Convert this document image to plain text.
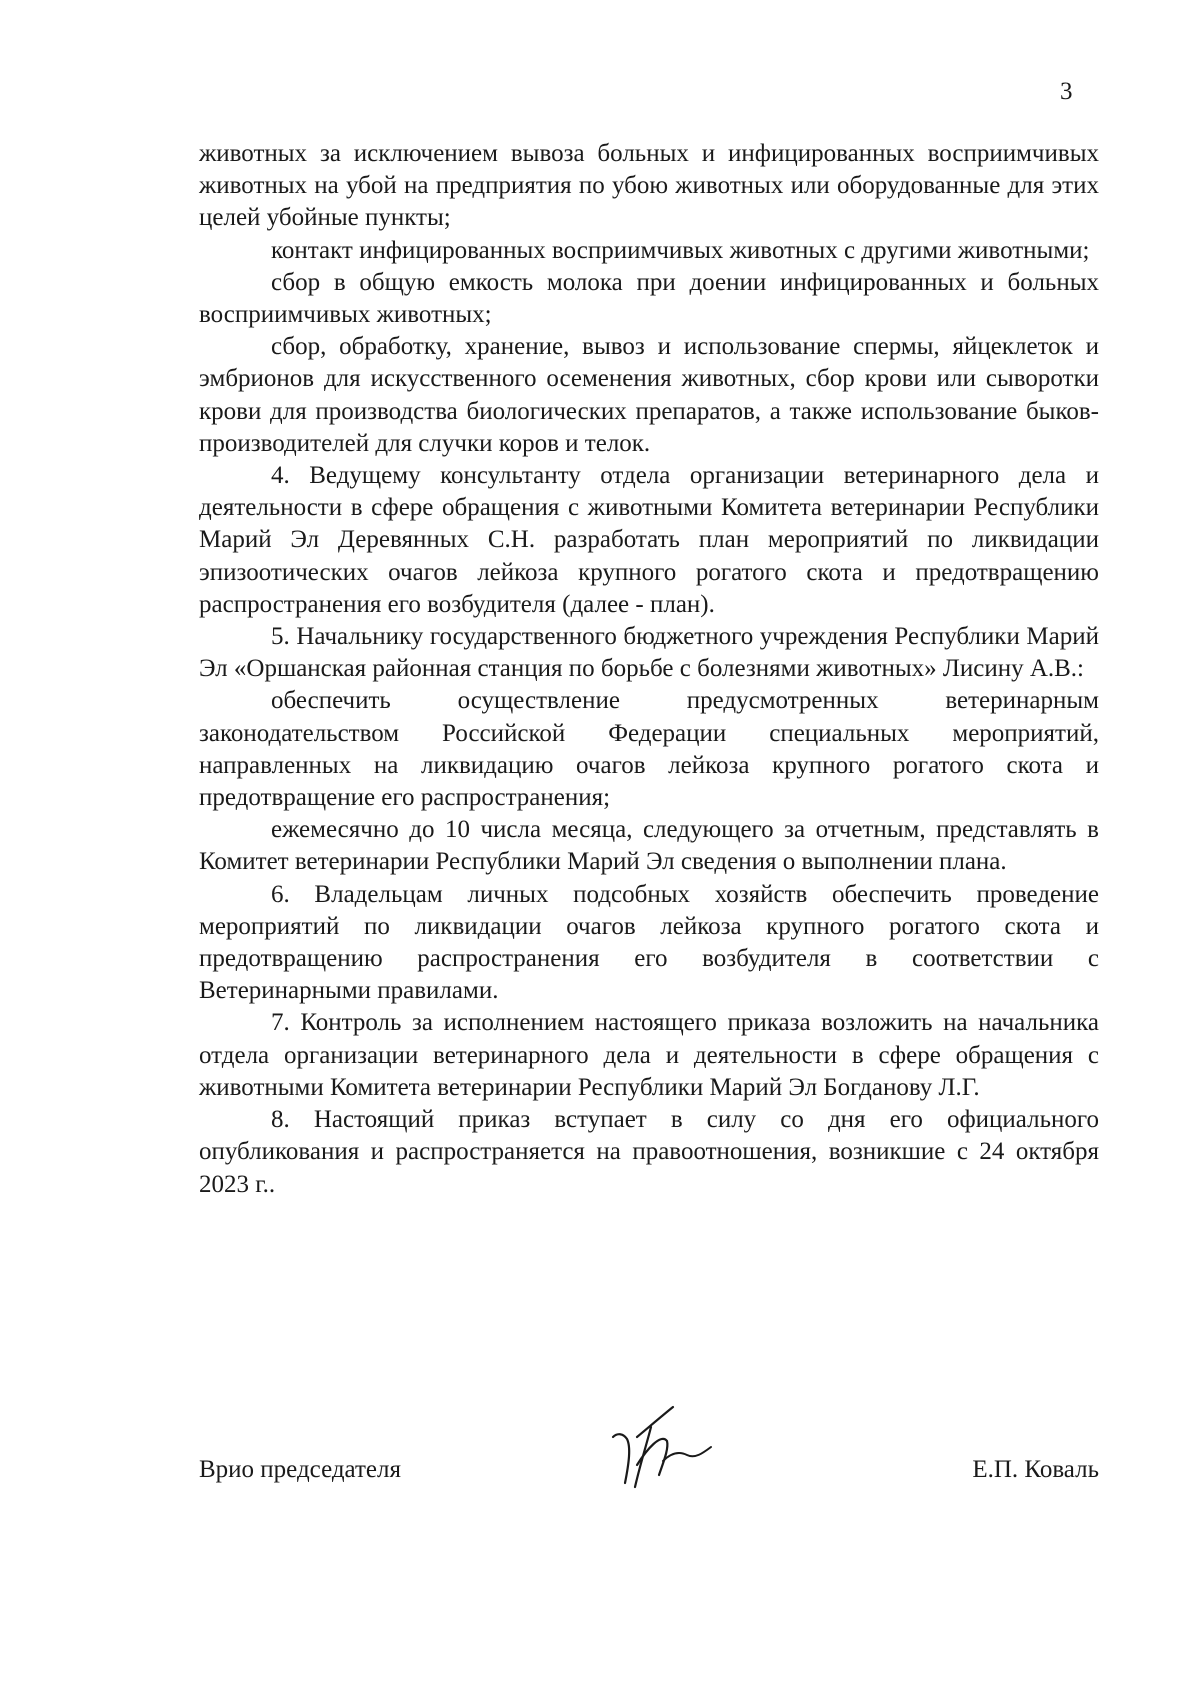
3

животных за исключением вывоза больных и инфицированных восприимчивых животных на убой на предприятия по убою животных или оборудованные для этих целей убойные пункты;

контакт инфицированных восприимчивых животных с другими животными;

сбор в общую емкость молока при доении инфицированных и больных восприимчивых животных;

сбор, обработку, хранение, вывоз и использование спермы, яйцеклеток и эмбрионов для искусственного осеменения животных, сбор крови или сыворотки крови для производства биологических препаратов, а также использование быков-производителей для случки коров и телок.

4. Ведущему консультанту отдела организации ветеринарного дела и деятельности в сфере обращения с животными Комитета ветеринарии Республики Марий Эл Деревянных С.Н. разработать план мероприятий по ликвидации эпизоотических очагов лейкоза крупного рогатого скота и предотвращению распространения его возбудителя (далее - план).

5. Начальнику государственного бюджетного учреждения Республики Марий Эл «Оршанская районная станция по борьбе с болезнями животных» Лисину А.В.:

обеспечить осуществление предусмотренных ветеринарным законодательством Российской Федерации специальных мероприятий, направленных на ликвидацию очагов лейкоза крупного рогатого скота и предотвращение его распространения;

ежемесячно до 10 числа месяца, следующего за отчетным, представлять в Комитет ветеринарии Республики Марий Эл сведения о выполнении плана.

6. Владельцам личных подсобных хозяйств обеспечить проведение мероприятий по ликвидации очагов лейкоза крупного рогатого скота и предотвращению распространения его возбудителя в соответствии с Ветеринарными правилами.

7. Контроль за исполнением настоящего приказа возложить на начальника отдела организации ветеринарного дела и деятельности в сфере обращения с животными Комитета ветеринарии Республики Марий Эл Богданову Л.Г.

8. Настоящий приказ вступает в силу со дня его официального опубликования и распространяется на правоотношения, возникшие с 24 октября 2023 г..

Врио председателя	Е.П. Коваль
